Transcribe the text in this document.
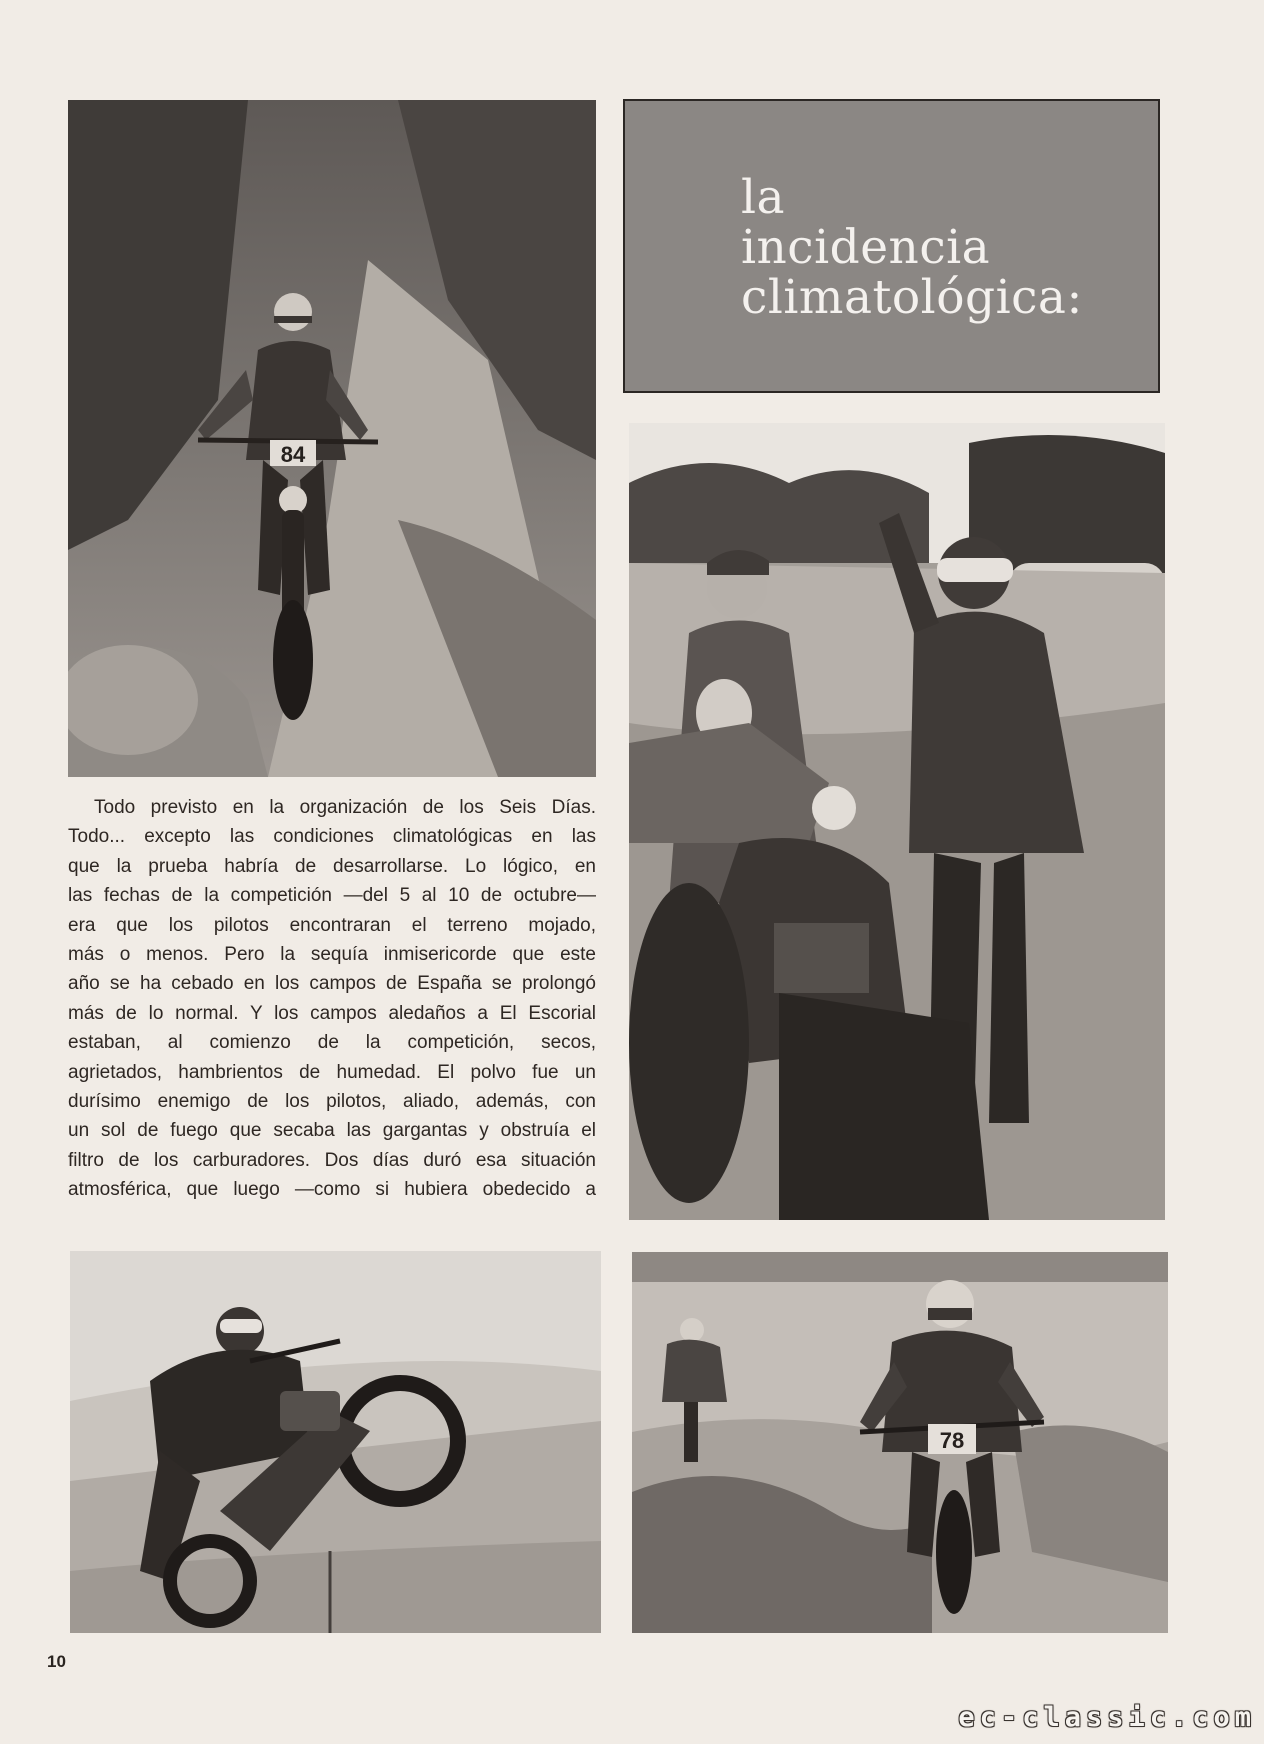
84
la
incidencia
climatológica:
Todo previsto en la organización de los Seis Días.
Todo... excepto las condiciones climatológicas en las
que la prueba habría de desarrollarse. Lo lógico, en
las fechas de la competición —del 5 al 10 de octubre—
era que los pilotos encontraran el terreno mojado,
más o menos. Pero la sequía inmisericorde que este
año se ha cebado en los campos de España se prolongó
más de lo normal. Y los campos aledaños a El Escorial
estaban, al comienzo de la competición, secos,
agrietados, hambrientos de humedad. El polvo fue un
durísimo enemigo de los pilotos, aliado, además, con
un sol de fuego que secaba las gargantas y obstruía el
filtro de los carburadores. Dos días duró esa situación
atmosférica, que luego —como si hubiera obedecido a
78
10
ec-classic.com
